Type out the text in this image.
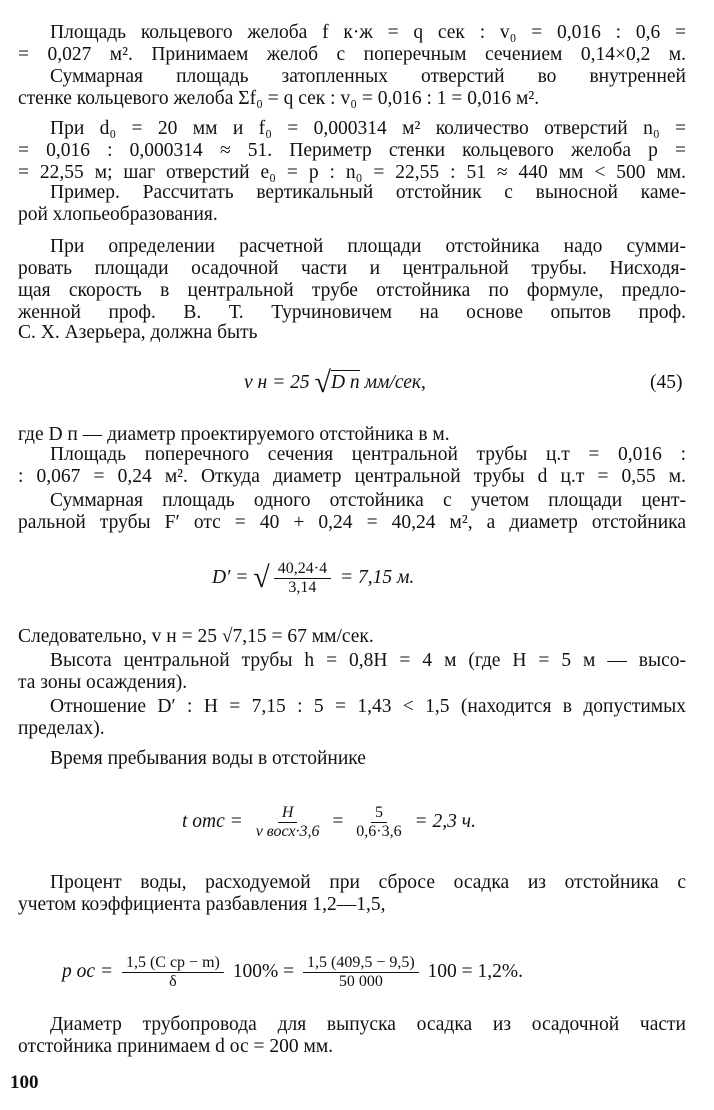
Площадь кольцевого желоба f к·ж = q сек : v₀ = 0,016 : 0,6 =
= 0,027 м². Принимаем желоб с поперечным сечением 0,14×0,2 м.
Суммарная площадь затопленных отверстий во внутренней
стенке кольцевого желоба Σf₀ = q сек : v₀ = 0,016 : 1 = 0,016 м².
При d₀ = 20 мм и f₀ = 0,000314 м² количество отверстий n₀ =
= 0,016 : 0,000314 ≈ 51. Периметр стенки кольцевого желоба p =
= 22,55 м; шаг отверстий e₀ = p : n₀ = 22,55 : 51 ≈ 440 мм < 500 мм.
Пример. Рассчитать вертикальный отстойник с выносной каме-
рой хлопьеобразования.
При определении расчетной площади отстойника надо сумми-
ровать площади осадочной части и центральной трубы. Нисходя-
щая скорость в центральной трубе отстойника по формуле, предло-
женной проф. В. Т. Турчиновичем на основе опытов проф.
С. Х. Азерьера, должна быть
v н = 25 √D п мм/сек,	(45)
где D п — диаметр проектируемого отстойника в м.
Площадь поперечного сечения центральной трубы ц.т = 0,016 :
: 0,067 = 0,24 м². Откуда диаметр центральной трубы d ц.т = 0,55 м.
Суммарная площадь одного отстойника с учетом площади цент-
ральной трубы F′ отс = 40 + 0,24 = 40,24 м², а диаметр отстойника
D′ = √ $\frac{40,24\cdot 4}{3,14} = 7,15$ м.
Следовательно, v н = 25 √7,15 = 67 мм/сек.
Высота центральной трубы h = 0,8H = 4 м (где H = 5 м — высо-
та зоны осаждения).
Отношение D′ : H = 7,15 : 5 = 1,43 < 1,5 (находится в допустимых
пределах).
Время пребывания воды в отстойнике
t отс = $\frac{H}{\text{v восх·3,6}} = \frac{5}{0,6\cdot 3,6} = 2,3$ ч.
Процент воды, расходуемой при сбросе осадка из отстойника с
учетом коэффициента разбавления 1,2—1,5,
p ос = $\frac{\text{1,5 (C ср − m)}}{\delta} 100\% = \frac{1,5 (409,5 - 9,5)}{50 000} 100 = 1,2\%$.
Диаметр трубопровода для выпуска осадка из осадочной части
отстойника принимаем d ос = 200 мм.
100
